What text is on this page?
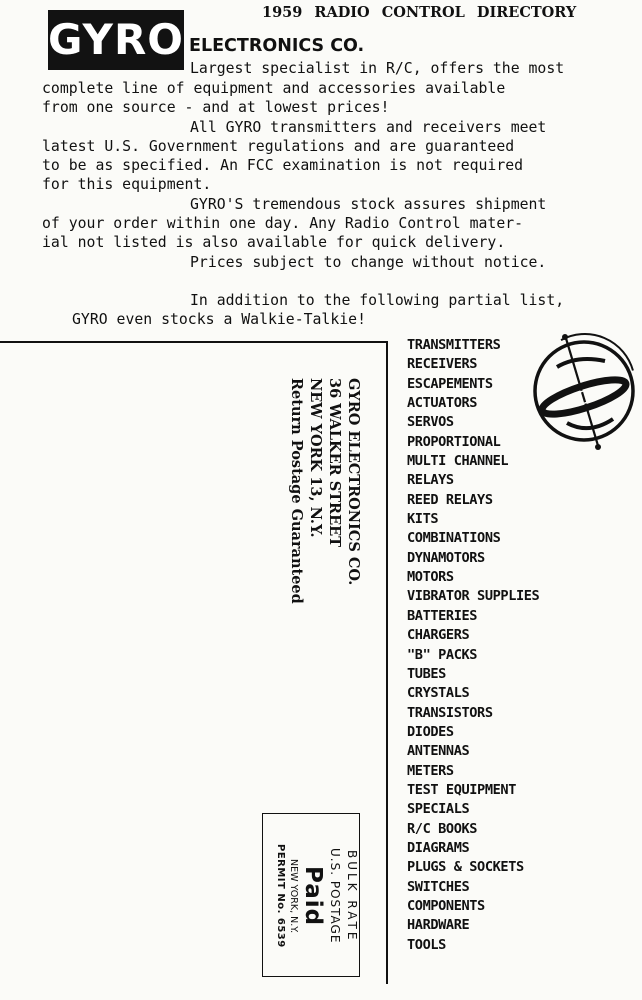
GYRO
1959 RADIO CONTROL DIRECTORY
ELECTRONICS CO.
Largest specialist in R/C, offers the most
complete line of equipment and accessories available
from one source - and at lowest prices!
All GYRO transmitters and receivers meet
latest U.S. Government regulations and are guaranteed
to be as specified. An FCC examination is not required
for this equipment.
GYRO'S tremendous stock assures shipment
of your order within one day. Any Radio Control mater-
ial not listed is also available for quick delivery.
Prices subject to change without notice.
In addition to the following partial list,
GYRO even stocks a Walkie-Talkie!
GYRO ELECTRONICS CO.
36 WALKER STREET
NEW YORK 13, N.Y.
Return Postage Guaranteed
BULK RATE
U.S. POSTAGE
Paid
NEW YORK, N.Y.
PERMIT No. 6539
TRANSMITTERS
RECEIVERS
ESCAPEMENTS
ACTUATORS
SERVOS
PROPORTIONAL
MULTI CHANNEL
RELAYS
REED RELAYS
KITS
COMBINATIONS
DYNAMOTORS
MOTORS
VIBRATOR SUPPLIES
BATTERIES
CHARGERS
"B" PACKS
TUBES
CRYSTALS
TRANSISTORS
DIODES
ANTENNAS
METERS
TEST EQUIPMENT
SPECIALS
R/C BOOKS
DIAGRAMS
PLUGS & SOCKETS
SWITCHES
COMPONENTS
HARDWARE
TOOLS
